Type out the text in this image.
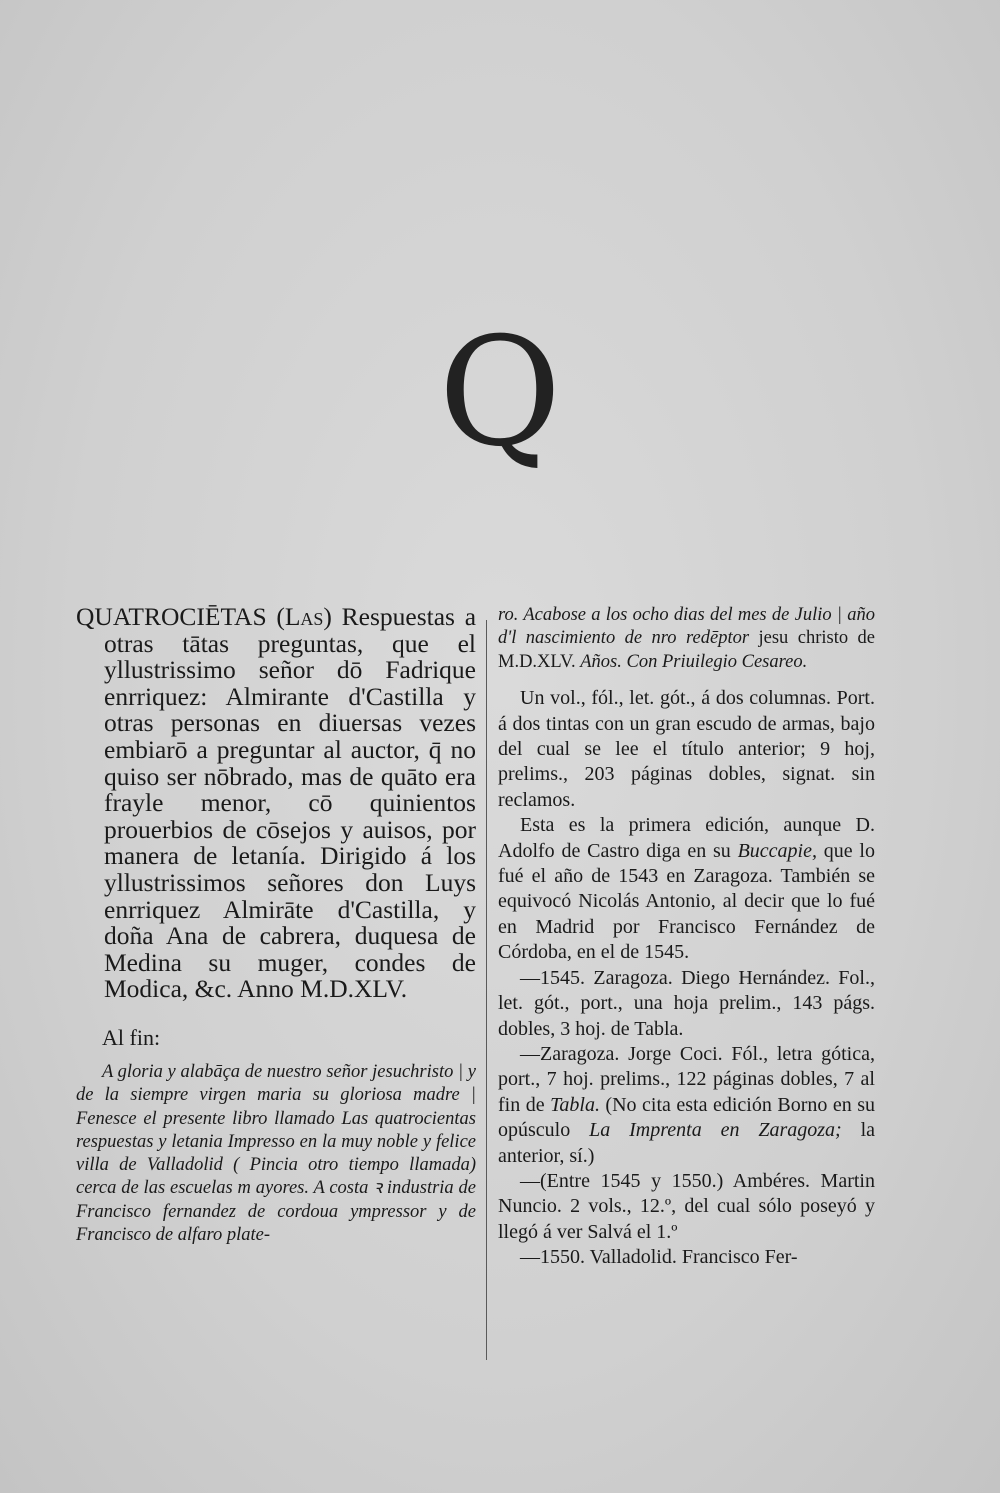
Q

QUATROCIĒTAS (Las) Respuestas a otras tātas preguntas, que el yllustrissimo señor dō Fadrique enrriquez: Almirante d'Castilla y otras personas en diuersas vezes embiarō a preguntar al auctor, q̄ no quiso ser nōbrado, mas de quāto era frayle menor, cō quinientos prouerbios de cōsejos y auisos, por manera de letanía. Dirigido á los yllustrissimos señores don Luys enrriquez Almirāte d'Castilla, y doña Ana de cabrera, duquesa de Medina su muger, condes de Modica, &c. Anno M.D.XLV.

Al fin:

A gloria y alabāça de nuestro señor jesuchristo | y de la siempre virgen maria su gloriosa madre | Fenesce el presente libro llamado Las quatrocientas respuestas y letania Impresso en la muy noble y felice villa de Valladolid ( Pincia otro tiempo llamada) cerca de las escuelas m ayores. A costa ꝛ industria de Francisco fernandez de cordoua ympressor y de Francisco de alfaro plate-

ro. Acabose a los ocho dias del mes de Julio | año d'l nascimiento de nro redēptor jesu christo de M.D.XLV. Años. Con Priuilegio Cesareo.

Un vol., fól., let. gót., á dos columnas. Port. á dos tintas con un gran escudo de armas, bajo del cual se lee el título anterior; 9 hoj, prelims., 203 páginas dobles, signat. sin reclamos.

Esta es la primera edición, aunque D. Adolfo de Castro diga en su Buccapie, que lo fué el año de 1543 en Zaragoza. También se equivocó Nicolás Antonio, al decir que lo fué en Madrid por Francisco Fernández de Córdoba, en el de 1545.

—1545. Zaragoza. Diego Hernández. Fol., let. gót., port., una hoja prelim., 143 págs. dobles, 3 hoj. de Tabla.

—Zaragoza. Jorge Coci. Fól., letra gótica, port., 7 hoj. prelims., 122 páginas dobles, 7 al fin de Tabla. (No cita esta edición Borno en su opúsculo La Imprenta en Zaragoza; la anterior, sí.)

—(Entre 1545 y 1550.) Ambéres. Martin Nuncio. 2 vols., 12.º, del cual sólo poseyó y llegó á ver Salvá el 1.º

—1550. Valladolid. Francisco Fer-
